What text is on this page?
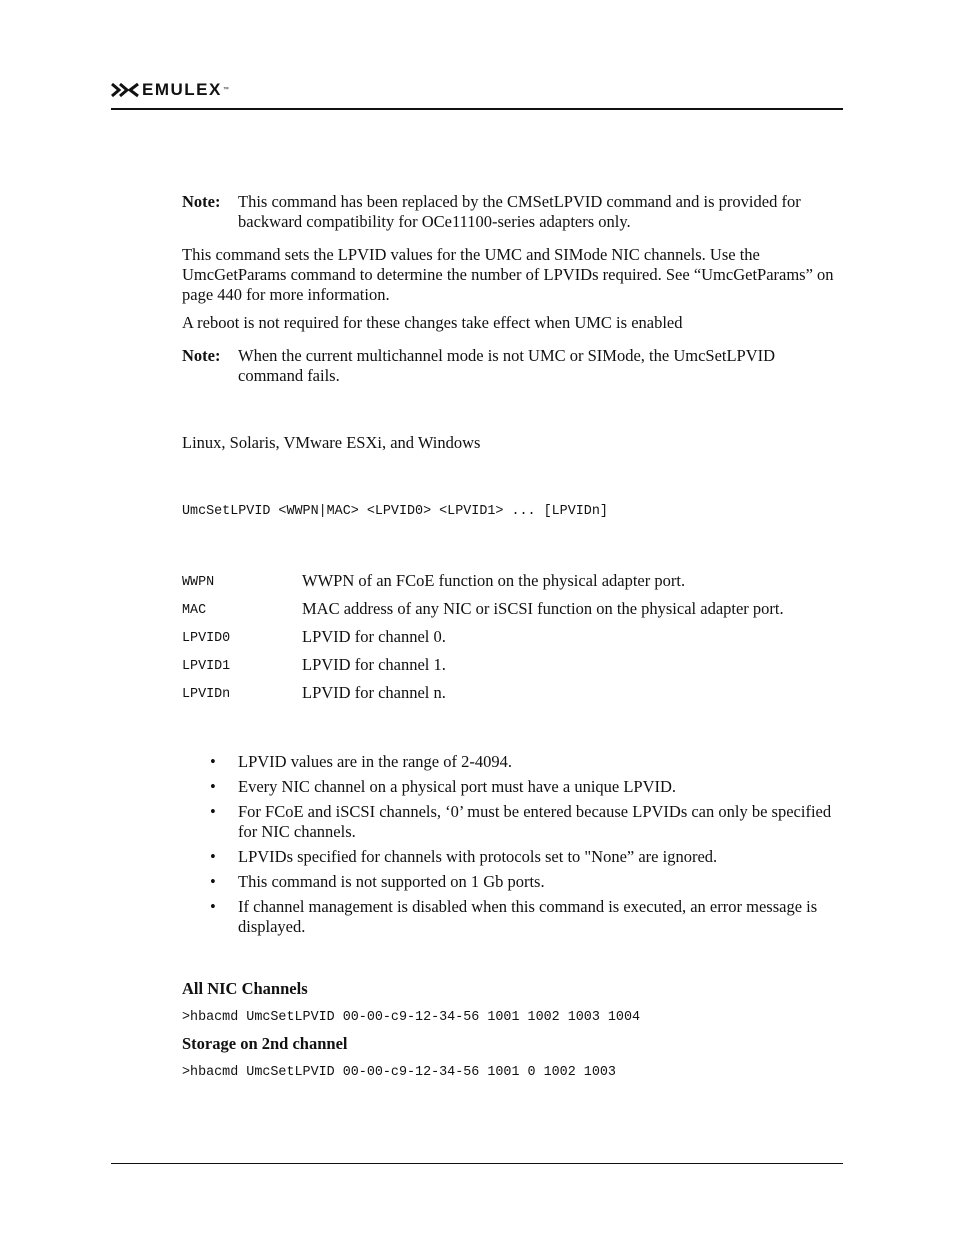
EMULEX ™
Note:	This command has been replaced by the CMSetLPVID command and is provided for backward compatibility for OCe11100-series adapters only.

This command sets the LPVID values for the UMC and SIMode NIC channels. Use the UmcGetParams command to determine the number of LPVIDs required. See “UmcGetParams” on page 440 for more information.

A reboot is not required for these changes take effect when UMC is enabled

Note:	When the current multichannel mode is not UMC or SIMode, the UmcSetLPVID command fails.

Linux, Solaris, VMware ESXi, and Windows

UmcSetLPVID <WWPN|MAC> <LPVID0> <LPVID1> ... [LPVIDn]

WWPN	WWPN of an FCoE function on the physical adapter port.
MAC	MAC address of any NIC or iSCSI function on the physical adapter port.
LPVID0	LPVID for channel 0.
LPVID1	LPVID for channel 1.
LPVIDn	LPVID for channel n.
• LPVID values are in the range of 2-4094.
• Every NIC channel on a physical port must have a unique LPVID.
• For FCoE and iSCSI channels, ‘0’ must be entered because LPVIDs can only be specified for NIC channels.
• LPVIDs specified for channels with protocols set to "None” are ignored.
• This command is not supported on 1 Gb ports.
• If channel management is disabled when this command is executed, an error message is displayed.

All NIC Channels

>hbacmd UmcSetLPVID 00-00-c9-12-34-56 1001 1002 1003 1004

Storage on 2nd channel

>hbacmd UmcSetLPVID 00-00-c9-12-34-56 1001 0 1002 1003
